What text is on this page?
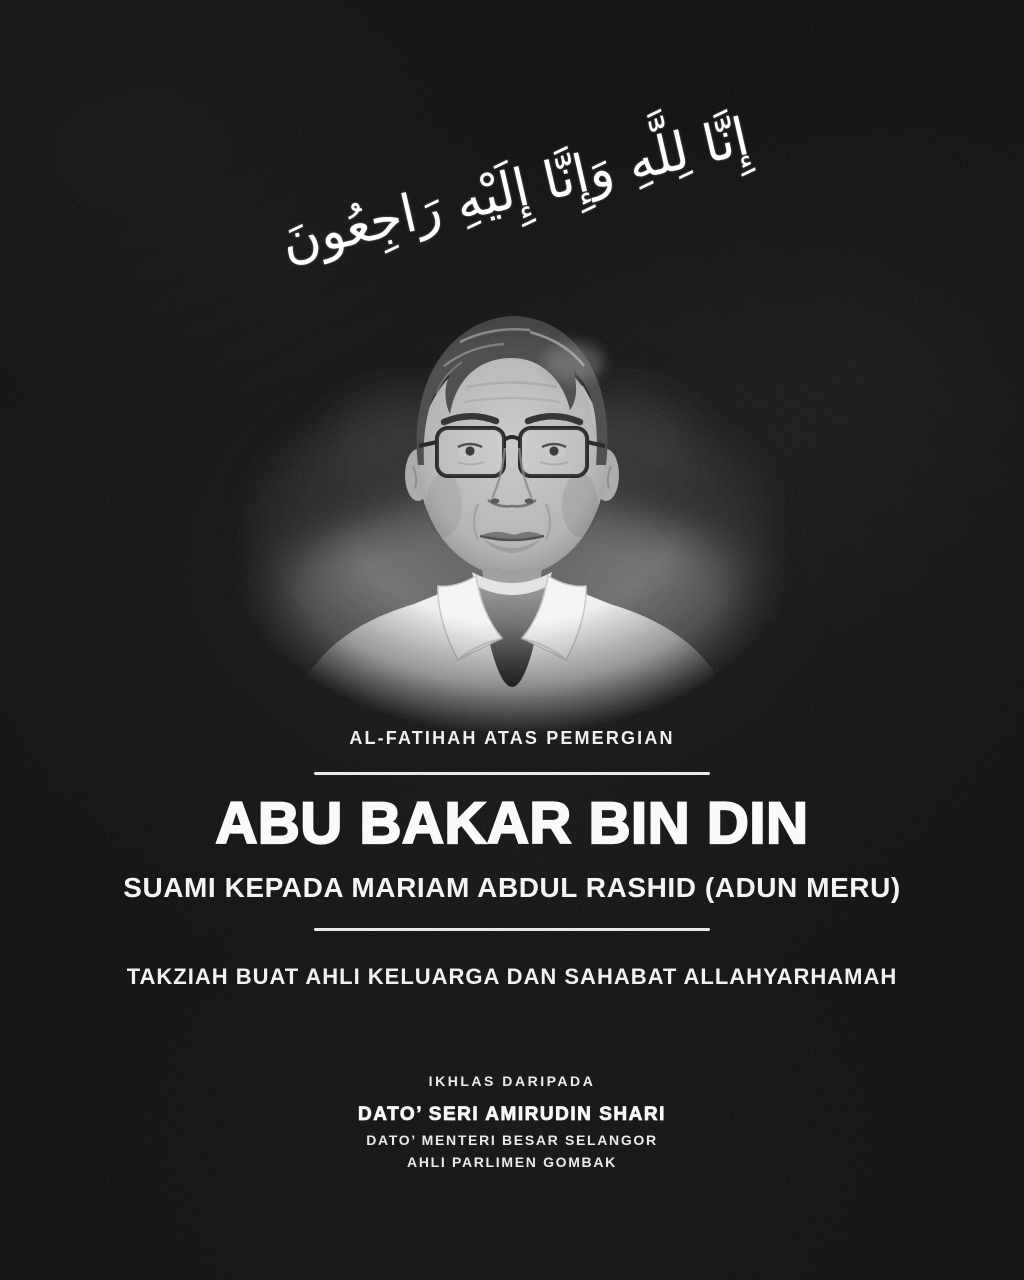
إِنَّا لِلَّهِ وَإِنَّا إِلَيْهِ رَاجِعُونَ
AL-FATIHAH ATAS PEMERGIAN
ABU BAKAR BIN DIN
SUAMI KEPADA MARIAM ABDUL RASHID (ADUN MERU)
TAKZIAH BUAT AHLI KELUARGA DAN SAHABAT ALLAHYARHAMAH
IKHLAS DARIPADA
DATO’ SERI AMIRUDIN SHARI
DATO’ MENTERI BESAR SELANGOR
AHLI PARLIMEN GOMBAK
